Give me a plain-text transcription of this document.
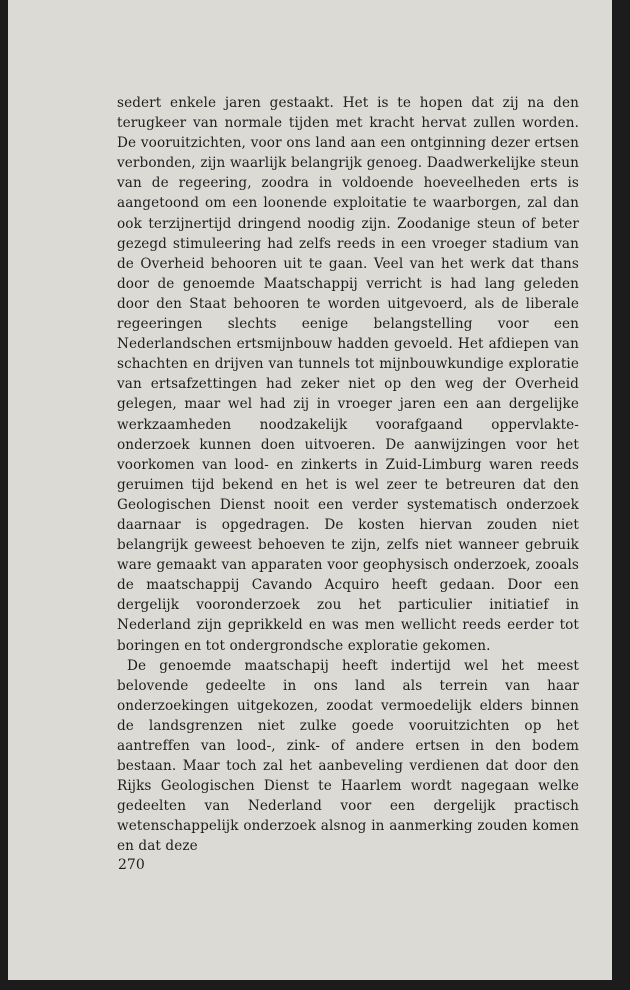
sedert enkele jaren gestaakt. Het is te hopen dat zij na den terugkeer van normale tijden met kracht hervat zullen worden. De vooruitzichten, voor ons land aan een ontginning dezer ertsen verbonden, zijn waarlijk belangrijk genoeg. Daadwerkelijke steun van de regeering, zoodra in voldoende hoeveelheden erts is aangetoond om een loonende exploitatie te waarborgen, zal dan ook terzijnertijd dringend noodig zijn. Zoodanige steun of beter gezegd stimuleering had zelfs reeds in een vroeger stadium van de Overheid behooren uit te gaan. Veel van het werk dat thans door de genoemde Maatschappij verricht is had lang geleden door den Staat behooren te worden uitgevoerd, als de liberale regeeringen slechts eenige belangstelling voor een Nederlandschen ertsmijnbouw hadden gevoeld. Het afdiepen van schachten en drijven van tunnels tot mijnbouwkundige exploratie van ertsafzettingen had zeker niet op den weg der Overheid gelegen, maar wel had zij in vroeger jaren een aan dergelijke werkzaamheden noodzakelijk voorafgaand oppervlakte-onderzoek kunnen doen uitvoeren. De aanwijzingen voor het voorkomen van lood- en zinkerts in Zuid-Limburg waren reeds geruimen tijd bekend en het is wel zeer te betreuren dat den Geologischen Dienst nooit een verder systematisch onderzoek daarnaar is opgedragen. De kosten hiervan zouden niet belangrijk geweest behoeven te zijn, zelfs niet wanneer gebruik ware gemaakt van apparaten voor geophysisch onderzoek, zooals de maatschappij Cavando Acquiro heeft gedaan. Door een dergelijk vooronderzoek zou het particulier initiatief in Nederland zijn geprikkeld en was men wellicht reeds eerder tot boringen en tot ondergrondsche exploratie gekomen.

De genoemde maatschapij heeft indertijd wel het meest belovende gedeelte in ons land als terrein van haar onderzoekingen uitgekozen, zoodat vermoedelijk elders binnen de landsgrenzen niet zulke goede vooruitzichten op het aantreffen van lood-, zink- of andere ertsen in den bodem bestaan. Maar toch zal het aanbeveling verdienen dat door den Rijks Geologischen Dienst te Haarlem wordt nagegaan welke gedeelten van Nederland voor een dergelijk practisch wetenschappelijk onderzoek alsnog in aanmerking zouden komen en dat deze

270
